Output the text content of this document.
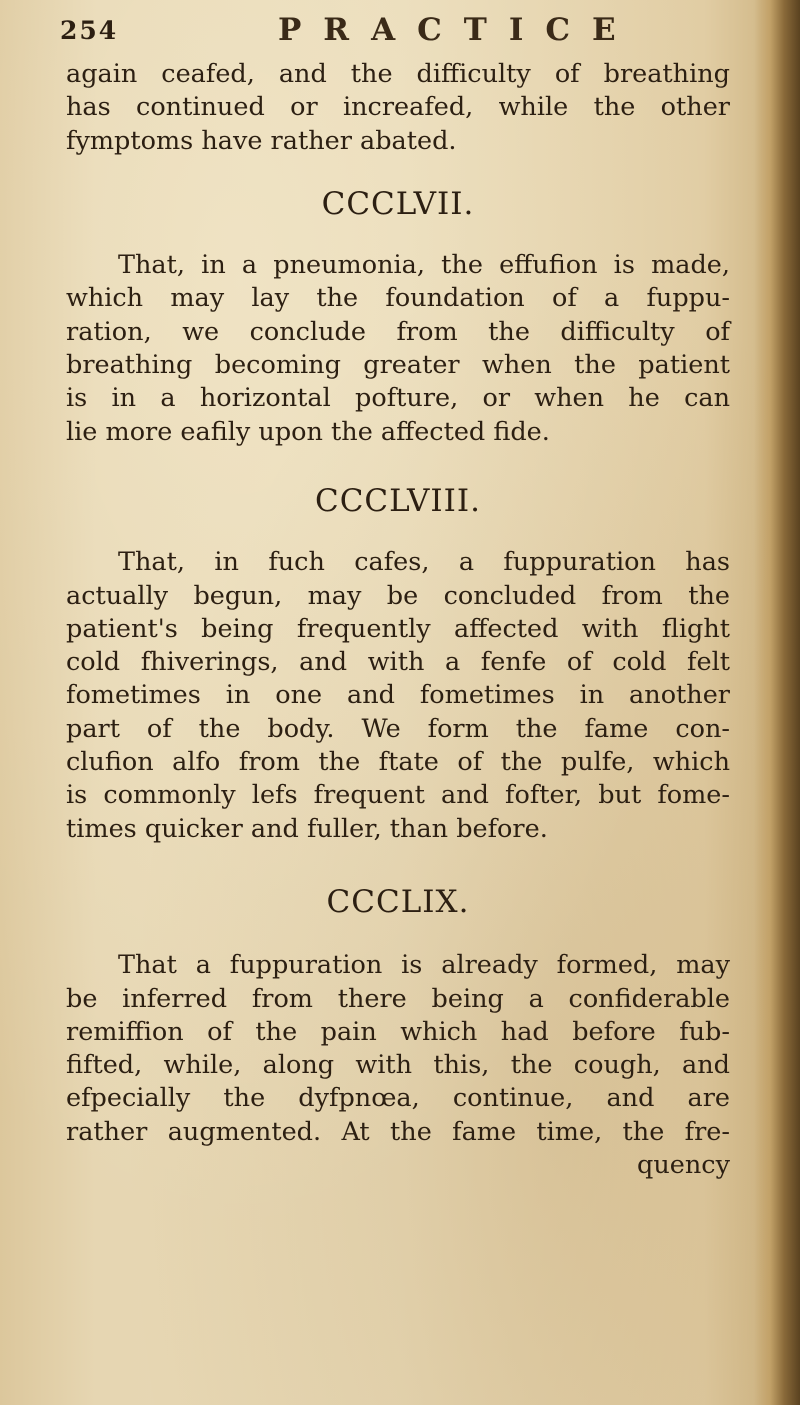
254	PRACTICE
again ceafed, and the difficulty of breathing
has continued or increafed, while the other
fymptoms have rather abated.
CCCLVII.
That, in a pneumonia, the effufion is made,
which may lay the foundation of a fuppu-
ration, we conclude from the difficulty of
breathing becoming greater when the patient
is in a horizontal pofture, or when he can
lie more eafily upon the affected fide.
CCCLVIII.
That, in fuch cafes, a fuppuration has
actually begun, may be concluded from the
patient's being frequently affected with flight
cold fhiverings, and with a fenfe of cold felt
fometimes in one and fometimes in another
part of the body. We form the fame con-
clufion alfo from the ftate of the pulfe, which
is commonly lefs frequent and fofter, but fome-
times quicker and fuller, than before.
CCCLIX.
That a fuppuration is already formed, may
be inferred from there being a confiderable
remiffion of the pain which had before fub-
fifted, while, along with this, the cough, and
efpecially the dyfpnœa, continue, and are
rather augmented. At the fame time, the fre-
quency
